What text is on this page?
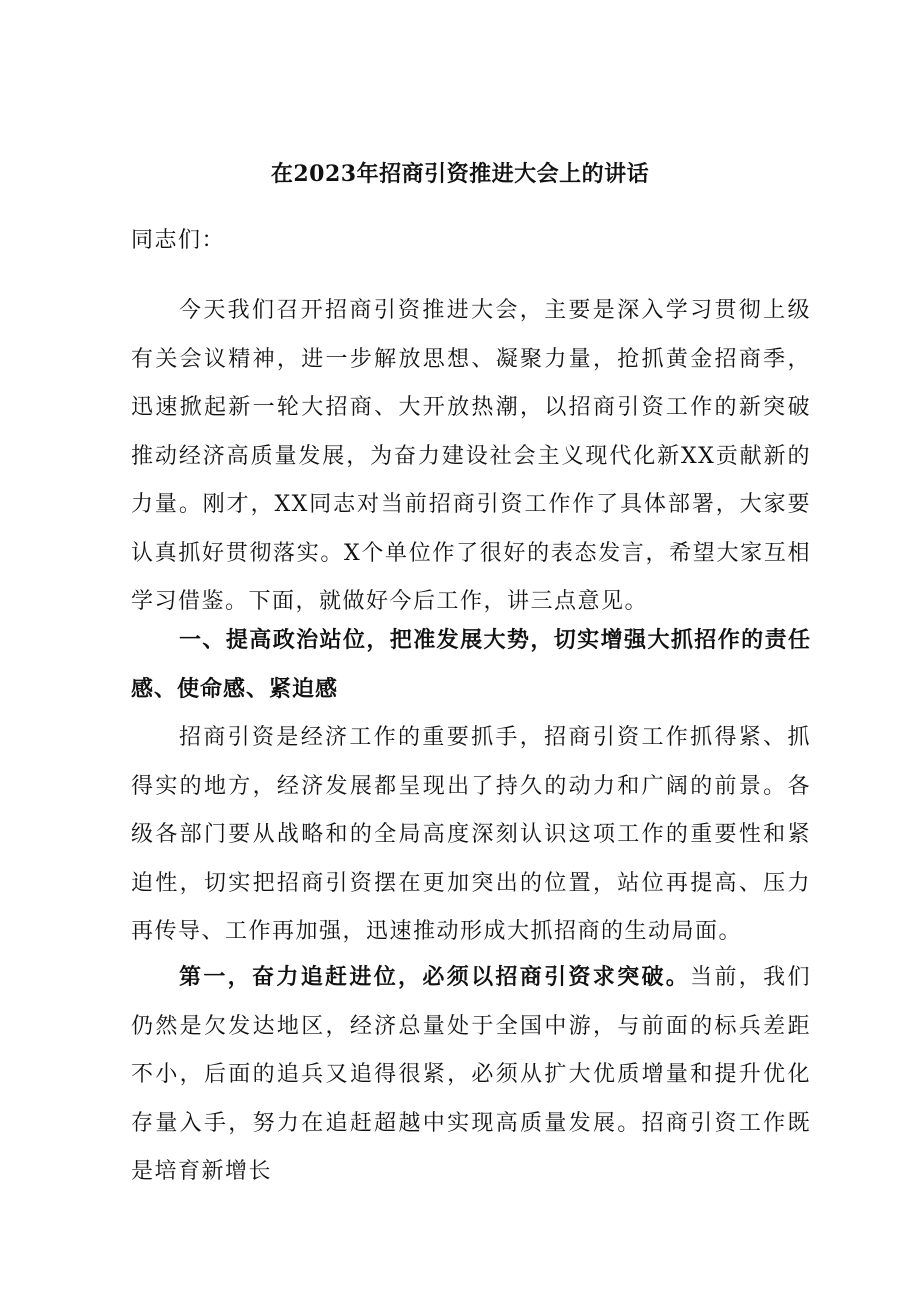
在2023年招商引资推进大会上的讲话
同志们：
今天我们召开招商引资推进大会，主要是深入学习贯彻上级有关会议精神，进一步解放思想、凝聚力量，抢抓黄金招商季，迅速掀起新一轮大招商、大开放热潮，以招商引资工作的新突破推动经济高质量发展，为奋力建设社会主义现代化新XX贡献新的力量。刚才，XX同志对当前招商引资工作作了具体部署，大家要认真抓好贯彻落实。X个单位作了很好的表态发言，希望大家互相学习借鉴。下面，就做好今后工作，讲三点意见。
一、提高政治站位，把准发展大势，切实增强大抓招作的责任感、使命感、紧迫感
招商引资是经济工作的重要抓手，招商引资工作抓得紧、抓得实的地方，经济发展都呈现出了持久的动力和广阔的前景。各级各部门要从战略和的全局高度深刻认识这项工作的重要性和紧迫性，切实把招商引资摆在更加突出的位置，站位再提高、压力再传导、工作再加强，迅速推动形成大抓招商的生动局面。
第一，奋力追赶进位，必须以招商引资求突破。当前，我们仍然是欠发达地区，经济总量处于全国中游，与前面的标兵差距不小，后面的追兵又追得很紧，必须从扩大优质增量和提升优化存量入手，努力在追赶超越中实现高质量发展。招商引资工作既是培育新增长
